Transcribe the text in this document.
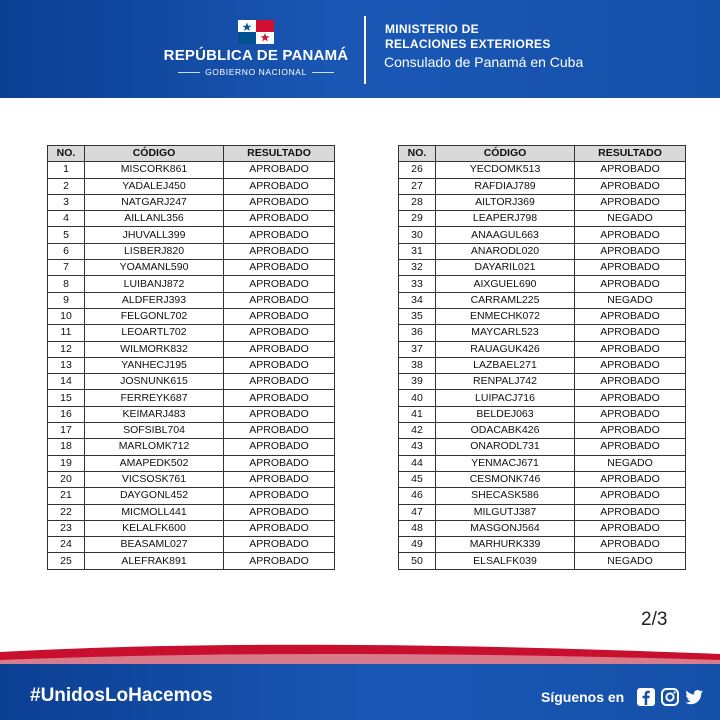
REPÚBLICA DE PANAMÁ
GOBIERNO NACIONAL
MINISTERIO DE
RELACIONES EXTERIORES
Consulado de Panamá en Cuba
NO.	CÓDIGO	RESULTADO
1	MISCORK861	APROBADO
2	YADALEJ450	APROBADO
3	NATGARJ247	APROBADO
4	AILLANL356	APROBADO
5	JHUVALL399	APROBADO
6	LISBERJ820	APROBADO
7	YOAMANL590	APROBADO
8	LUIBANJ872	APROBADO
9	ALDFERJ393	APROBADO
10	FELGONL702	APROBADO
11	LEOARTL702	APROBADO
12	WILMORK832	APROBADO
13	YANHECJ195	APROBADO
14	JOSNUNK615	APROBADO
15	FERREYK687	APROBADO
16	KEIMARJ483	APROBADO
17	SOFSIBL704	APROBADO
18	MARLOMK712	APROBADO
19	AMAPEDK502	APROBADO
20	VICSOSK761	APROBADO
21	DAYGONL452	APROBADO
22	MICMOLL441	APROBADO
23	KELALFK600	APROBADO
24	BEASAML027	APROBADO
25	ALEFRAK891	APROBADO
NO.	CÓDIGO	RESULTADO
26	YECDOMK513	APROBADO
27	RAFDIAJ789	APROBADO
28	AILTORJ369	APROBADO
29	LEAPERJ798	NEGADO
30	ANAAGUL663	APROBADO
31	ANARODL020	APROBADO
32	DAYARIL021	APROBADO
33	AIXGUEL690	APROBADO
34	CARRAML225	NEGADO
35	ENMECHK072	APROBADO
36	MAYCARL523	APROBADO
37	RAUAGUK426	APROBADO
38	LAZBAEL271	APROBADO
39	RENPALJ742	APROBADO
40	LUIPACJ716	APROBADO
41	BELDEJ063	APROBADO
42	ODACABK426	APROBADO
43	ONARODL731	APROBADO
44	YENMACJ671	NEGADO
45	CESMONK746	APROBADO
46	SHECASK586	APROBADO
47	MILGUTJ387	APROBADO
48	MASGONJ564	APROBADO
49	MARHURK339	APROBADO
50	ELSALFK039	NEGADO
2/3
#UnidosLoHacemos	Síguenos en
